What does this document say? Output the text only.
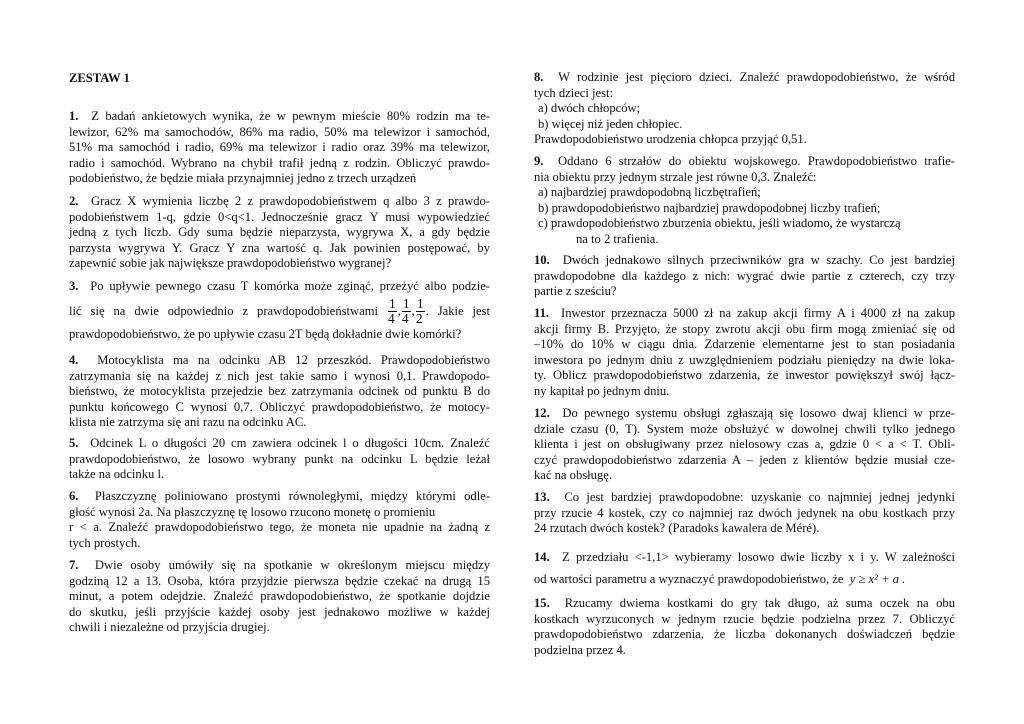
ZESTAW 1
1. Z badań ankietowych wynika, że w pewnym mieście 80% rodzin ma te-
lewizor, 62% ma samochodów, 86% ma radio, 50% ma telewizor i samochód,
51% ma samochód i radio, 69% ma telewizor i radio oraz 39% ma telewizor,
radio i samochód. Wybrano na chybił trafił jedną z rodzin. Obliczyć prawdo-
podobieństwo, że będzie miała przynajmniej jedno z trzech urządzeń
2. Gracz X wymienia liczbę 2 z prawdopodobieństwem q albo 3 z prawdo-
podobieństwem 1-q, gdzie 0<q<1. Jednocześnie gracz Y musi wypowiedzieć
jedną z tych liczb. Gdy suma będzie nieparzysta, wygrywa X, a gdy będzie
parzysta wygrywa Y. Gracz Y zna wartość q. Jak powinien postępować, by
zapewnić sobie jak największe prawdopodobieństwo wygranej?
3. Po upływie pewnego czasu T komórka może zginąć, przeżyć albo podzie-
lić się na dwie odpowiednio z prawdopodobieństwami $\frac{1}{4}$ , $\frac{1}{4}$ , $\frac{1}{2}$ . Jakie jest
prawdopodobieństwo, że po upływie czasu 2T będą dokładnie dwie komórki?
4. Motocyklista ma na odcinku AB 12 przeszkód. Prawdopodobieństwo
zatrzymania się na każdej z nich jest takie samo i wynosi 0,1. Prawdopodo-
bieństwo, że motocyklista przejedzie bez zatrzymania odcinek od punktu B do
punktu końcowego C wynosi 0,7. Obliczyć prawdopodobieństwo, że motocy-
klista nie zatrzyma się ani razu na odcinku AC.
5. Odcinek L o długości 20 cm zawiera odcinek l o długości 10cm. Znaleźć
prawdopodobieństwo, że losowo wybrany punkt na odcinku L będzie leżał
także na odcinku l.
6. Płaszczyznę poliniowano prostymi równoległymi, między którymi odle-
głość wynosi 2a. Na płaszczyznę tę losowo rzucono monetę o promieniu
r < a. Znaleźć prawdopodobieństwo tego, że moneta nie upadnie na żadną z
tych prostych.
7. Dwie osoby umówiły się na spotkanie w określonym miejscu między
godziną 12 a 13. Osoba, która przyjdzie pierwsza będzie czekać na drugą 15
minut, a potem odejdzie. Znaleźć prawdopodobieństwo, że spotkanie dojdzie
do skutku, jeśli przyjście każdej osoby jest jednakowo możliwe w każdej
chwili i niezależne od przyjścia drugiej.
8. W rodzinie jest pięcioro dzieci. Znaleźć prawdopodobieństwo, że wśród
tych dzieci jest:
a) dwóch chłopców;
b) więcej niż jeden chłopiec.
Prawdopodobieństwo urodzenia chłopca przyjąć 0,51.
9. Oddano 6 strzałów do obiektu wojskowego. Prawdopodobieństwo trafie-
nia obiektu przy jednym strzale jest równe 0,3. Znaleźć:
a) najbardziej prawdopodobną liczbętrafień;
b) prawdopodobieństwo najbardziej prawdopodobnej liczby trafień;
c) prawdopodobieństwo zburzenia obiektu, jeśli wiadomo, że wystarczą
na to 2 trafienia.
10. Dwóch jednakowo silnych przeciwników gra w szachy. Co jest bardziej
prawdopodobne dla każdego z nich: wygrać dwie partie z czterech, czy trzy
partie z sześciu?
11. Inwestor przeznacza 5000 zł na zakup akcji firmy A i 4000 zł na zakup
akcji firmy B. Przyjęto, że stopy zwrotu akcji obu firm mogą zmieniać się od
–10% do 10% w ciągu dnia. Zdarzenie elementarne jest to stan posiadania
inwestora po jednym dniu z uwzględnieniem podziału pieniędzy na dwie loka-
ty. Oblicz prawdopodobieństwo zdarzenia, że inwestor powiększył swój łącz-
ny kapitał po jednym dniu.
12. Do pewnego systemu obsługi zgłaszają się losowo dwaj klienci w prze-
dziale czasu (0, T). System może obsłużyć w dowolnej chwili tylko jednego
klienta i jest on obsługiwany przez nielosowy czas a, gdzie 0 < a < T. Obli-
czyć prawdopodobieństwo zdarzenia A – jeden z klientów będzie musiał cze-
kać na obsługę.
13. Co jest bardziej prawdopodobne: uzyskanie co najmniej jednej jedynki
przy rzucie 4 kostek, czy co najmniej raz dwóch jedynek na obu kostkach przy
24 rzutach dwóch kostek? (Paradoks kawalera de Méré).
14. Z przedziału <-1,1> wybieramy losowo dwie liczby x i y. W zależności
od wartości parametru a wyznaczyć prawdopodobieństwo, że y ≥ x² + a .
15. Rzucamy dwiema kostkami do gry tak długo, aż suma oczek na obu
kostkach wyrzuconych w jednym rzucie będzie podzielna przez 7. Obliczyć
prawdopodobieństwo zdarzenia, że liczba dokonanych doświadczeń będzie
podzielna przez 4.
